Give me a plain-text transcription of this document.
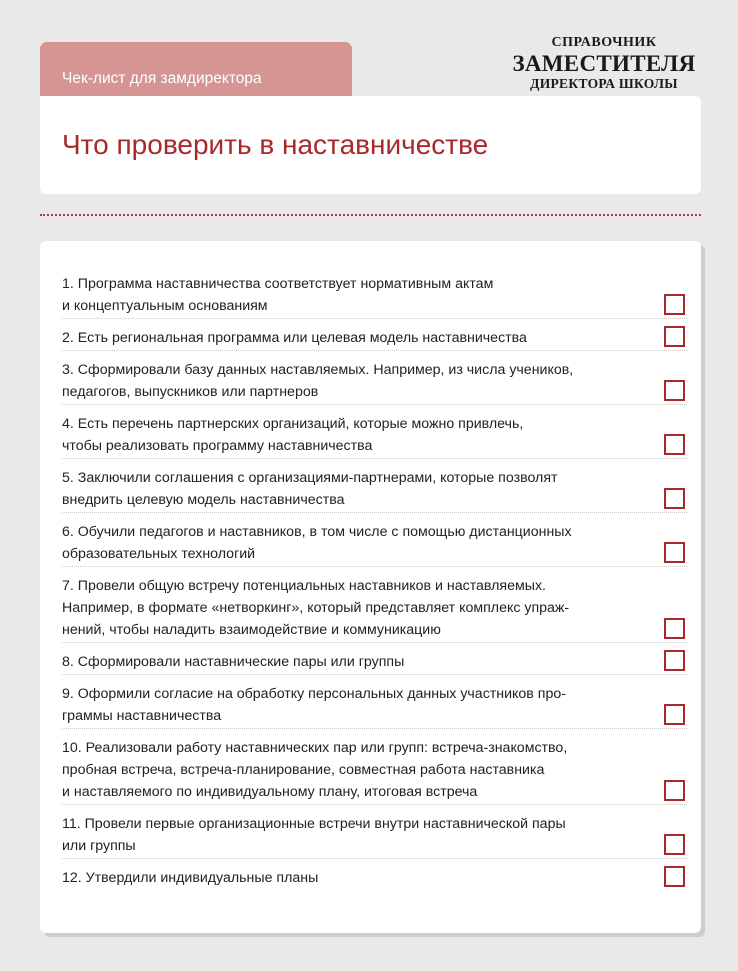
Чек-лист для замдиректора
СПРАВОЧНИК
ЗАМЕСТИТЕЛЯ
ДИРЕКТОРА ШКОЛЫ
Что проверить в наставничестве
1. Программа наставничества соответствует нормативным актам
и концептуальным основаниям
2. Есть региональная программа или целевая модель наставничества
3. Сформировали базу данных наставляемых. Например, из числа учеников,
педагогов, выпускников или партнеров
4. Есть перечень партнерских организаций, которые можно привлечь,
чтобы реализовать программу наставничества
5. Заключили соглашения с организациями-партнерами, которые позволят
внедрить целевую модель наставничества
6. Обучили педагогов и наставников, в том числе с помощью дистанционных
образовательных технологий
7. Провели общую встречу потенциальных наставников и наставляемых.
Например, в формате «нетворкинг», который представляет комплекс упраж-
нений, чтобы наладить взаимодействие и коммуникацию
8. Сформировали наставнические пары или группы
9. Оформили согласие на обработку персональных данных участников про-
граммы наставничества
10. Реализовали работу наставнических пар или групп: встреча-знакомство,
пробная встреча, встреча-планирование, совместная работа наставника
и наставляемого по индивидуальному плану, итоговая встреча
11. Провели первые организационные встречи внутри наставнической пары
или группы
12. Утвердили индивидуальные планы
